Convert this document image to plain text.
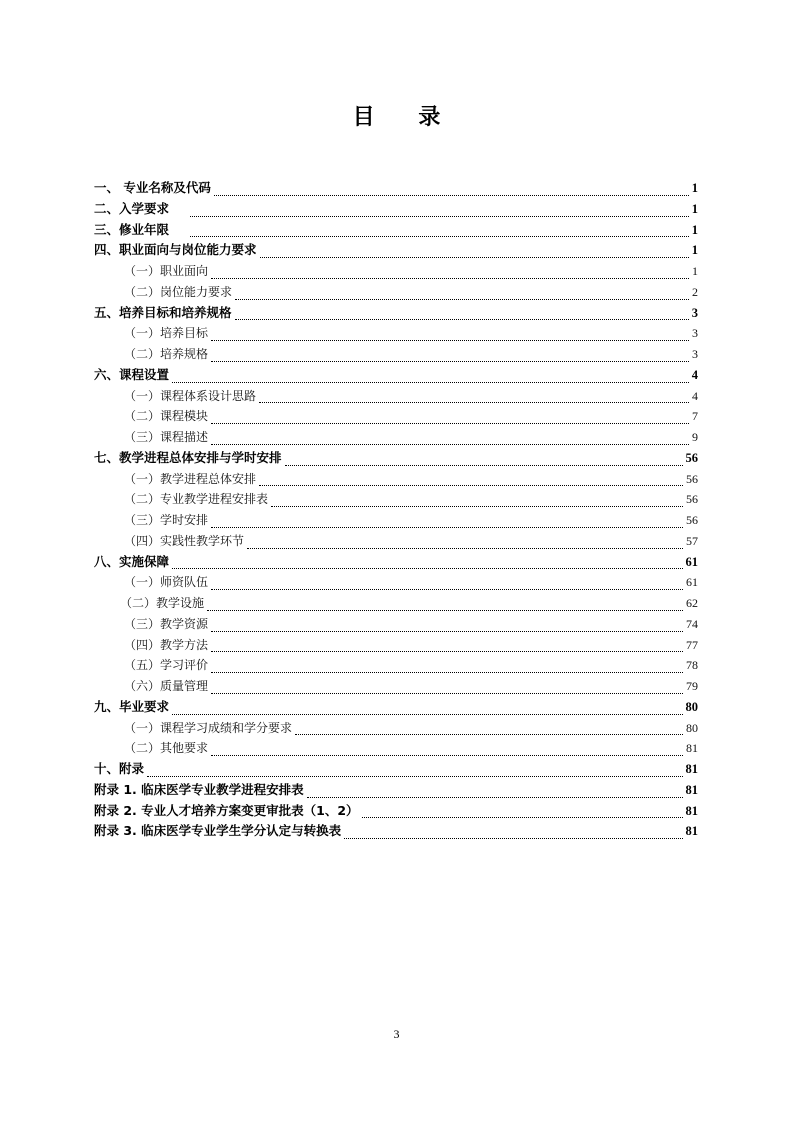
目 录
一、 专业名称及代码	1
二、入学要求	1
三、修业年限	1
四、职业面向与岗位能力要求	1
（一）职业面向	1
（二）岗位能力要求	2
五、培养目标和培养规格	3
（一）培养目标	3
（二）培养规格	3
六、课程设置	4
（一）课程体系设计思路	4
（二）课程模块	7
（三）课程描述	9
七、教学进程总体安排与学时安排	56
（一）教学进程总体安排	56
（二）专业教学进程安排表	56
（三）学时安排	56
（四）实践性教学环节	57
八、实施保障	61
（一）师资队伍	61
（二）教学设施	62
（三）教学资源	74
（四）教学方法	77
（五）学习评价	78
（六）质量管理	79
九、毕业要求	80
（一）课程学习成绩和学分要求	80
（二）其他要求	81
十、附录	81
附录 1. 临床医学专业教学进程安排表	81
附录 2. 专业人才培养方案变更审批表（1、2）	81
附录 3. 临床医学专业学生学分认定与转换表	81
3
